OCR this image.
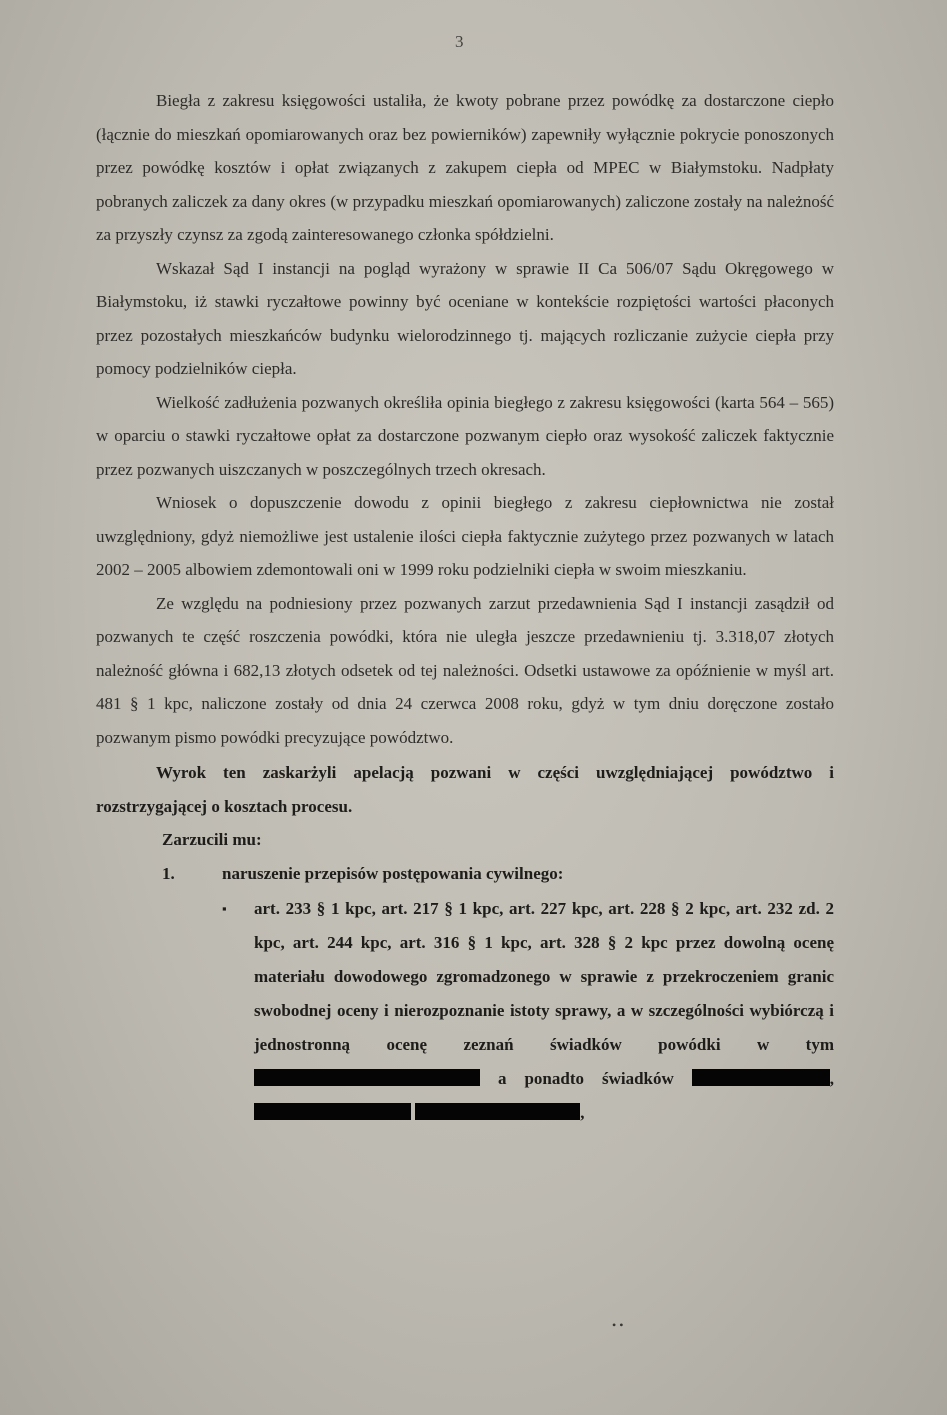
3

Biegła z zakresu księgowości ustaliła, że kwoty pobrane przez powódkę za dostarczone ciepło (łącznie do mieszkań opomiarowanych oraz bez powierników) zapewniły wyłącznie pokrycie ponoszonych przez powódkę kosztów i opłat związanych z zakupem ciepła od MPEC w Białymstoku. Nadpłaty pobranych zaliczek za dany okres (w przypadku mieszkań opomiarowanych) zaliczone zostały na należność za przyszły czynsz za zgodą zainteresowanego członka spółdzielni.

Wskazał Sąd I instancji na pogląd wyrażony w sprawie II Ca 506/07 Sądu Okręgowego w Białymstoku, iż stawki ryczałtowe powinny być oceniane w kontekście rozpiętości wartości płaconych przez pozostałych mieszkańców budynku wielorodzinnego tj. mających rozliczanie zużycie ciepła przy pomocy podzielników ciepła.

Wielkość zadłużenia pozwanych określiła opinia biegłego z zakresu księgowości (karta 564 – 565) w oparciu o stawki ryczałtowe opłat za dostarczone pozwanym ciepło oraz wysokość zaliczek faktycznie przez pozwanych uiszczanych w poszczególnych trzech okresach.

Wniosek o dopuszczenie dowodu z opinii biegłego z zakresu ciepłownictwa nie został uwzględniony, gdyż niemożliwe jest ustalenie ilości ciepła faktycznie zużytego przez pozwanych w latach 2002 – 2005 albowiem zdemontowali oni w 1999 roku podzielniki ciepła w swoim mieszkaniu.

Ze względu na podniesiony przez pozwanych zarzut przedawnienia Sąd I instancji zasądził od pozwanych te część roszczenia powódki, która nie uległa jeszcze przedawnieniu tj. 3.318,07 złotych należność główna i 682,13 złotych odsetek od tej należności. Odsetki ustawowe za opóźnienie w myśl art. 481 § 1 kpc, naliczone zostały od dnia 24 czerwca 2008 roku, gdyż w tym dniu doręczone zostało pozwanym pismo powódki precyzujące powództwo.

Wyrok ten zaskarżyli apelacją pozwani w części uwzględniającej powództwo i rozstrzygającej o kosztach procesu.

Zarzucili mu:

1.	naruszenie przepisów postępowania cywilnego:
▪	art. 233 § 1 kpc, art. 217 § 1 kpc, art. 227 kpc, art. 228 § 2 kpc, art. 232 zd. 2 kpc, art. 244 kpc, art. 316 § 1 kpc, art. 328 § 2 kpc przez dowolną ocenę materiału dowodowego zgromadzonego w sprawie z przekroczeniem granic swobodnej oceny i nierozpoznanie istoty sprawy, a w szczególności wybiórczą i jednostronną ocenę zeznań świadków powódki w tym  a ponadto świadków	,  ,
• •
